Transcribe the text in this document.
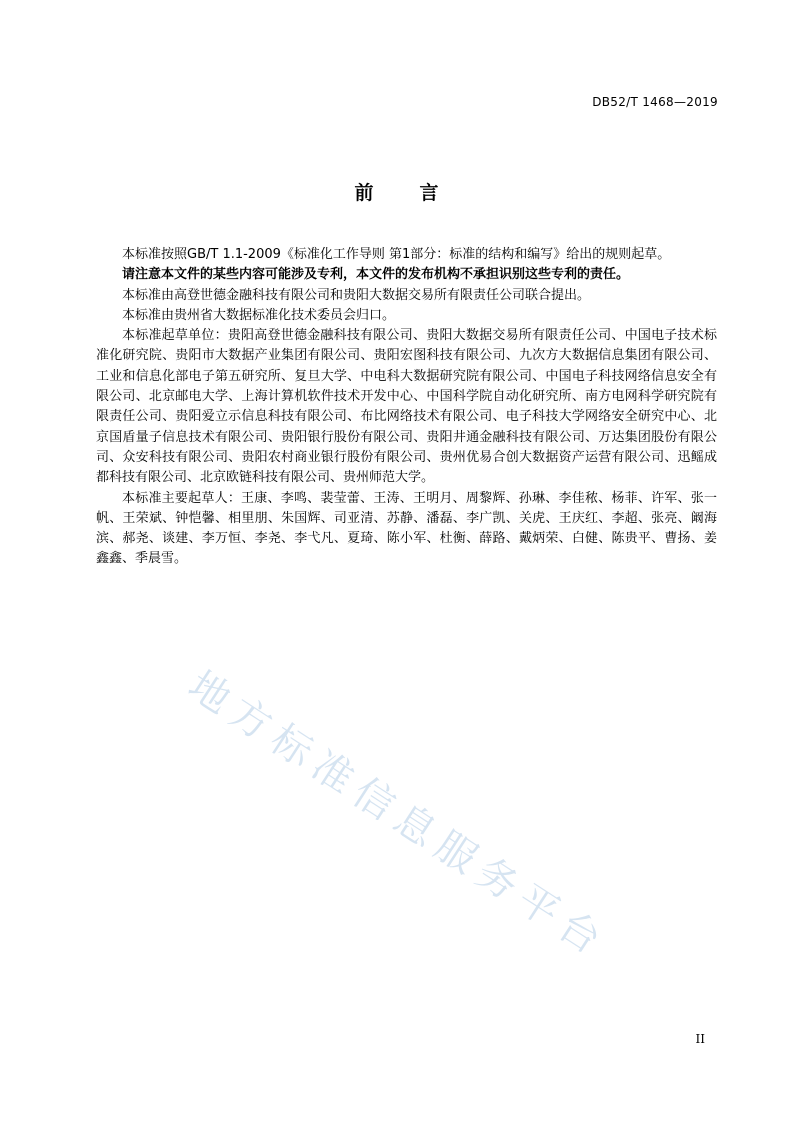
DB52/T 1468—2019
前 言

本标准按照GB/T 1.1-2009《标准化工作导则 第1部分：标准的结构和编写》给出的规则起草。

请注意本文件的某些内容可能涉及专利，本文件的发布机构不承担识别这些专利的责任。

本标准由高登世德金融科技有限公司和贵阳大数据交易所有限责任公司联合提出。

本标准由贵州省大数据标准化技术委员会归口。

本标准起草单位：贵阳高登世德金融科技有限公司、贵阳大数据交易所有限责任公司、中国电子技术标准化研究院、贵阳市大数据产业集团有限公司、贵阳宏图科技有限公司、九次方大数据信息集团有限公司、工业和信息化部电子第五研究所、复旦大学、中电科大数据研究院有限公司、中国电子科技网络信息安全有限公司、北京邮电大学、上海计算机软件技术开发中心、中国科学院自动化研究所、南方电网科学研究院有限责任公司、贵阳爱立示信息科技有限公司、布比网络技术有限公司、电子科技大学网络安全研究中心、北京国盾量子信息技术有限公司、贵阳银行股份有限公司、贵阳井通金融科技有限公司、万达集团股份有限公司、众安科技有限公司、贵阳农村商业银行股份有限公司、贵州优易合创大数据资产运营有限公司、迅鳐成都科技有限公司、北京欧链科技有限公司、贵州师范大学。

本标准主要起草人：王康、李鸣、裴莹蕾、王涛、王明月、周黎辉、孙琳、李佳秾、杨菲、许军、张一帆、王荣斌、钟恺馨、相里朋、朱国辉、司亚清、苏静、潘磊、李广凯、关虎、王庆红、李超、张亮、阚海滨、郝尧、谈建、李万恒、李尧、李弋凡、夏琦、陈小军、杜衡、薛路、戴炳荣、白健、陈贵平、曹扬、姜鑫鑫、季晨雪。

地方标准信息服务平台
II
